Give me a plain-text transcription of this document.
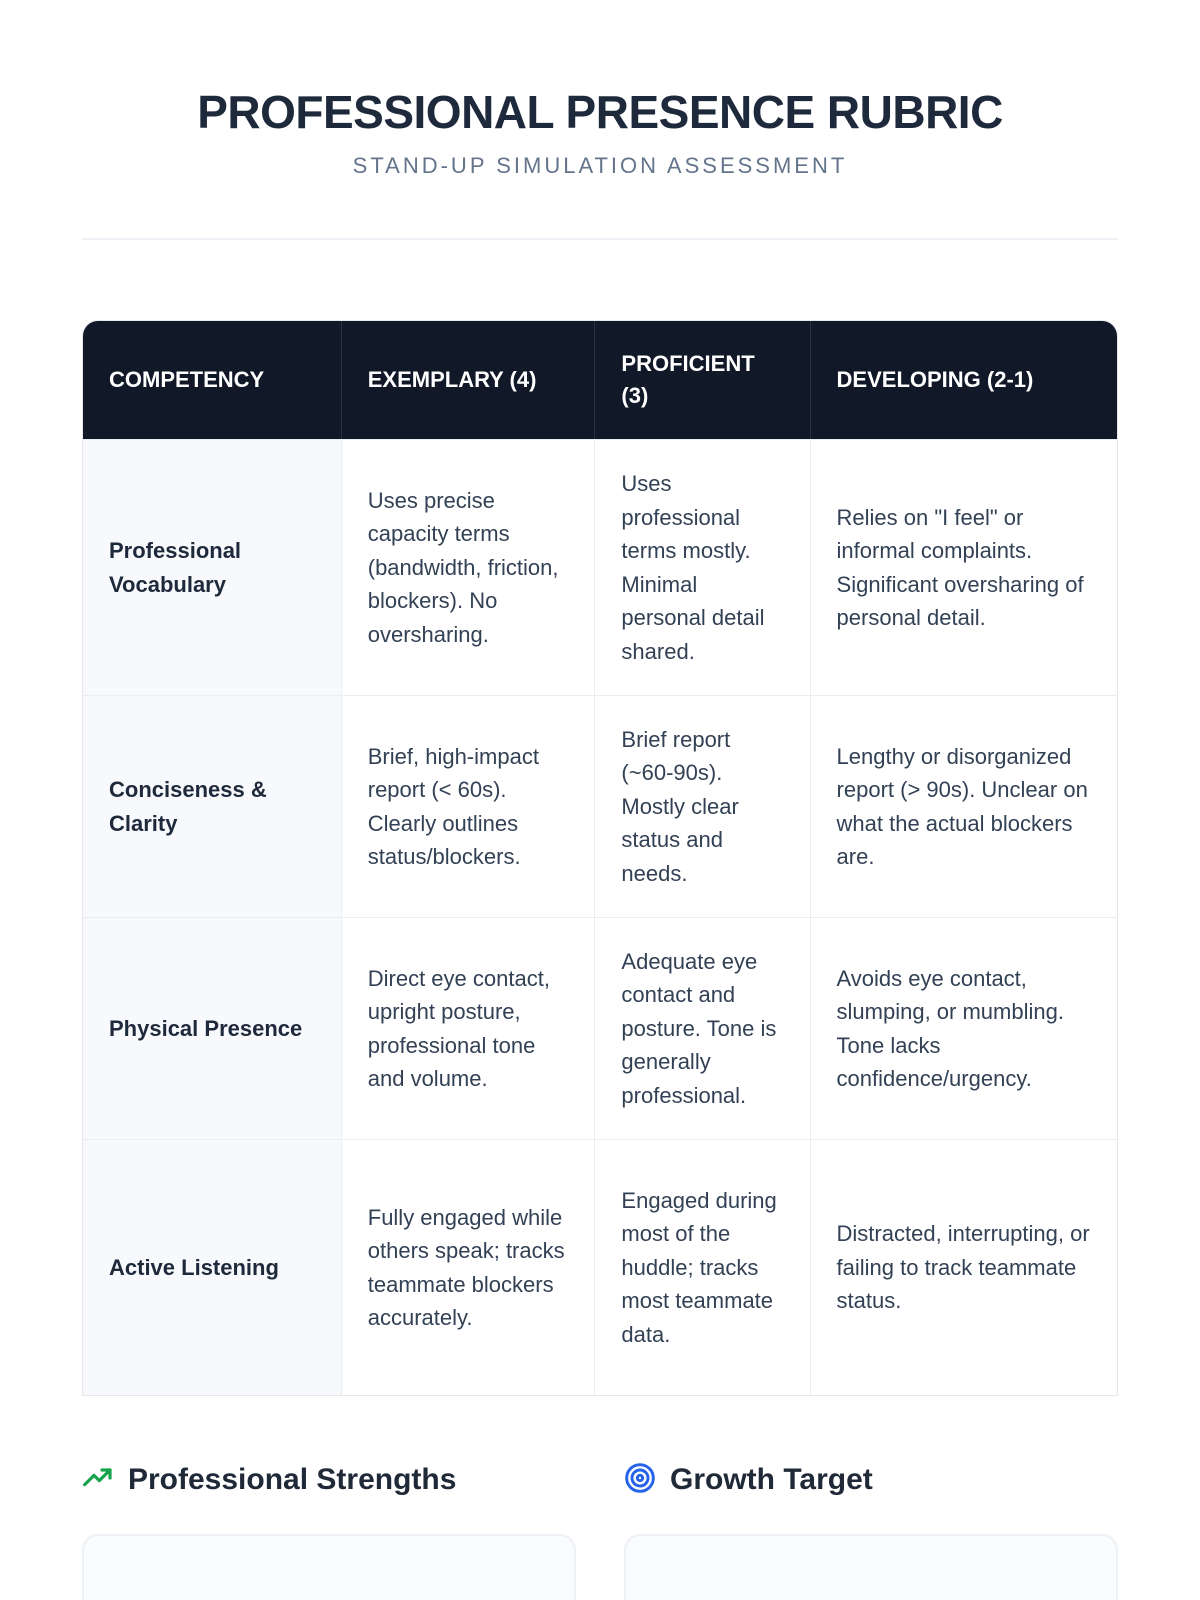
PROFESSIONAL PRESENCE RUBRIC
STAND-UP SIMULATION ASSESSMENT
COMPETENCY	EXEMPLARY (4)	PROFICIENT (3)	DEVELOPING (2-1)
Professional Vocabulary	Uses precise capacity terms (bandwidth, friction, blockers). No oversharing.	Uses professional terms mostly. Minimal personal detail shared.	Relies on "I feel" or informal complaints. Significant oversharing of personal detail.
Conciseness & Clarity	Brief, high-impact report (< 60s). Clearly outlines status/blockers.	Brief report (~60-90s). Mostly clear status and needs.	Lengthy or disorganized report (> 90s). Unclear on what the actual blockers are.
Physical Presence	Direct eye contact, upright posture, professional tone and volume.	Adequate eye contact and posture. Tone is generally professional.	Avoids eye contact, slumping, or mumbling. Tone lacks confidence/urgency.
Active Listening	Fully engaged while others speak; tracks teammate blockers accurately.	Engaged during most of the huddle; tracks most teammate data.	Distracted, interrupting, or failing to track teammate status.
Professional Strengths	Growth Target
